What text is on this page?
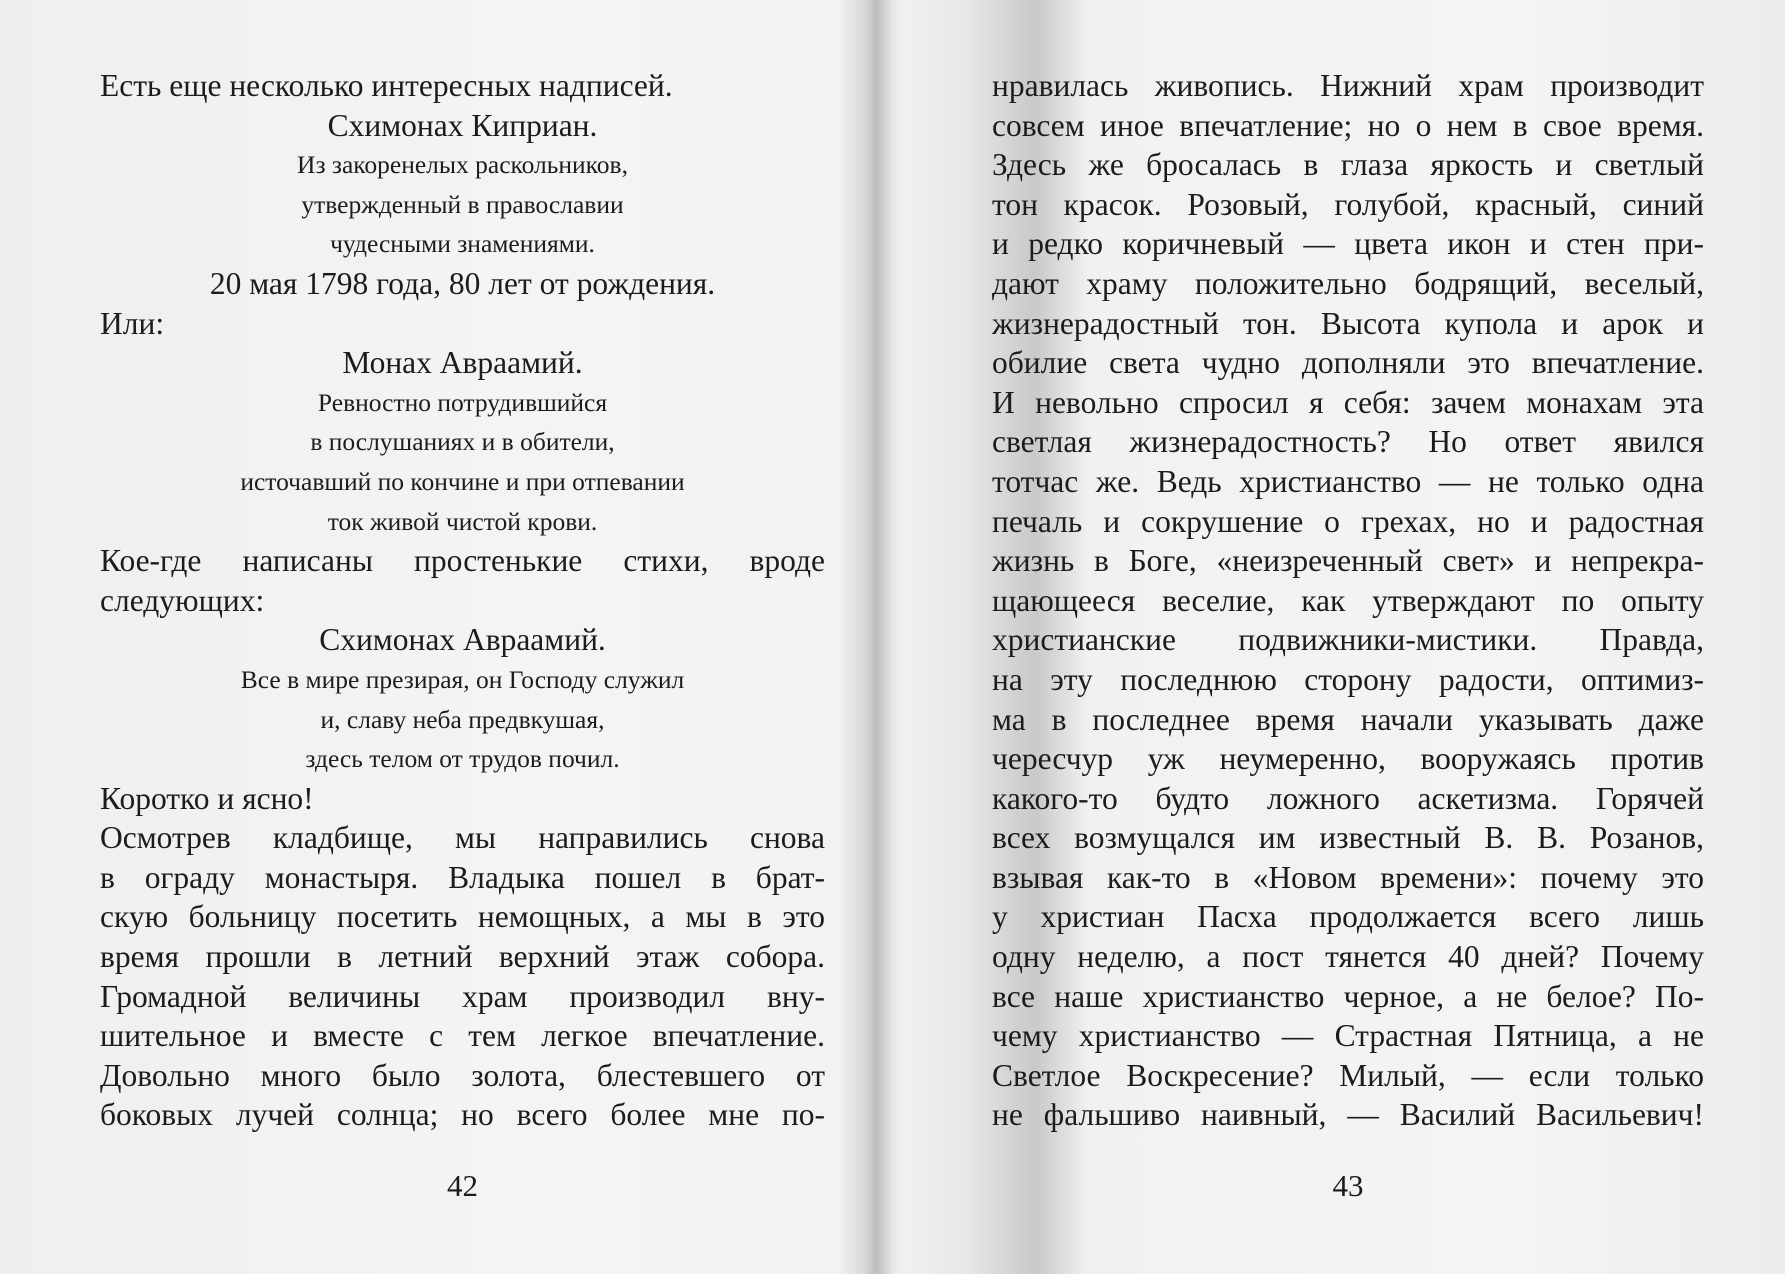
Есть еще несколько интересных надписей.
Схимонах Киприан.
Из закоренелых раскольников,
утвержденный в православии
чудесными знамениями.
20 мая 1798 года, 80 лет от рождения.
Или:
Монах Авраамий.
Ревностно потрудившийся
в послушаниях и в обители,
источавший по кончине и при отпевании
ток живой чистой крови.
Кое-где написаны простенькие стихи, вроде
следующих:
Схимонах Авраамий.
Все в мире презирая, он Господу служил
и, славу неба предвкушая,
здесь телом от трудов почил.
Коротко и ясно!
Осмотрев кладбище, мы направились снова
в ограду монастыря. Владыка пошел в брат-
скую больницу посетить немощных, а мы в это
время прошли в летний верхний этаж собора.
Громадной величины храм производил вну-
шительное и вместе с тем легкое впечатление.
Довольно много было золота, блестевшего от
боковых лучей солнца; но всего более мне по-
42
нравилась живопись. Нижний храм производит
совсем иное впечатление; но о нем в свое время.
Здесь же бросалась в глаза яркость и светлый
тон красок. Розовый, голубой, красный, синий
и редко коричневый — цвета икон и стен при-
дают храму положительно бодрящий, веселый,
жизнерадостный тон. Высота купола и арок и
обилие света чудно дополняли это впечатление.
И невольно спросил я себя: зачем монахам эта
светлая жизнерадостность? Но ответ явился
тотчас же. Ведь христианство — не только одна
печаль и сокрушение о грехах, но и радостная
жизнь в Боге, «неизреченный свет» и непрекра-
щающееся веселие, как утверждают по опыту
христианские подвижники-мистики. Правда,
на эту последнюю сторону радости, оптимиз-
ма в последнее время начали указывать даже
чересчур уж неумеренно, вооружаясь против
какого-то будто ложного аскетизма. Горячей
всех возмущался им известный В. В. Розанов,
взывая как-то в «Новом времени»: почему это
у христиан Пасха продолжается всего лишь
одну неделю, а пост тянется 40 дней? Почему
все наше христианство черное, а не белое? По-
чему христианство — Страстная Пятница, а не
Светлое Воскресение? Милый, — если только
не фальшиво наивный, — Василий Васильевич!
43
